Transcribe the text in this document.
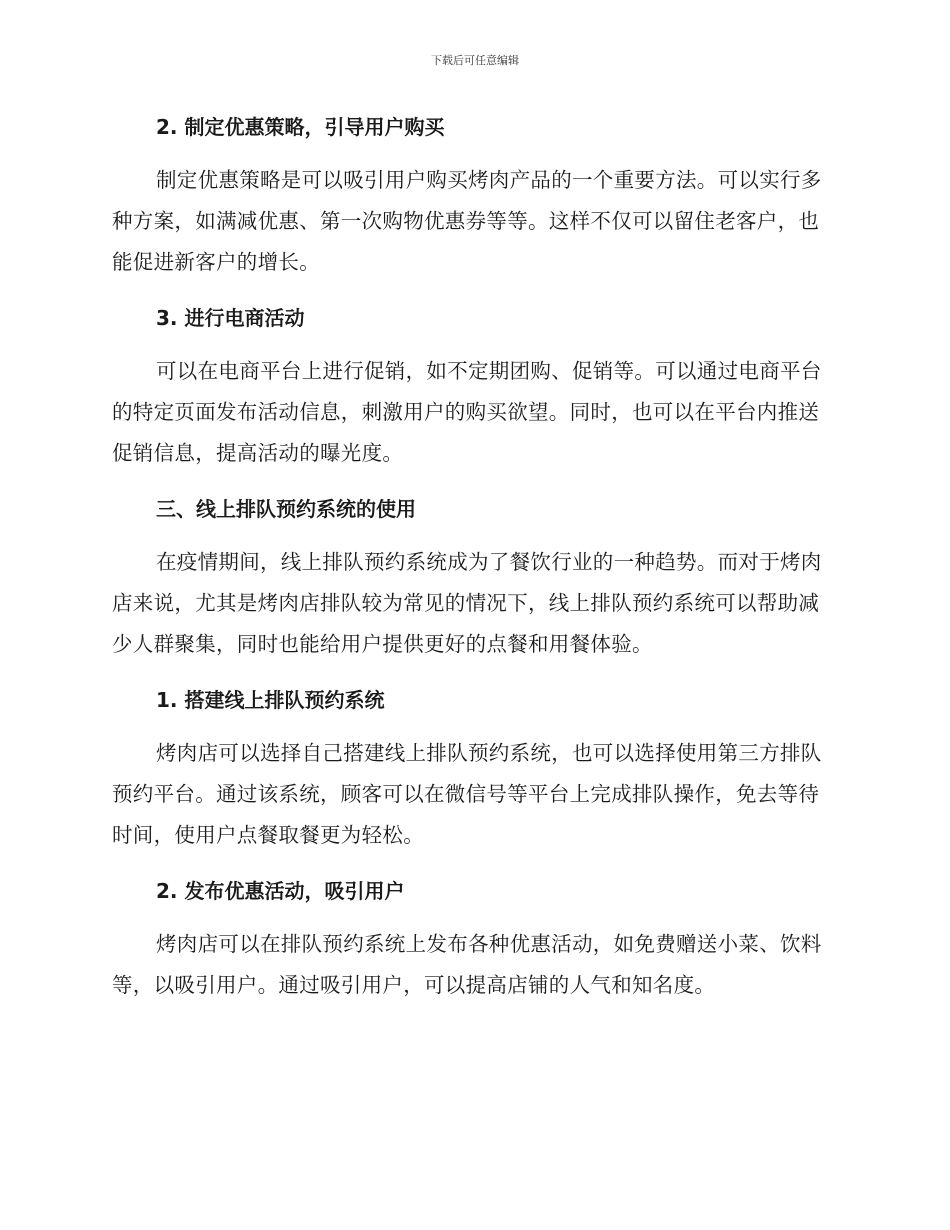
下载后可任意编辑
2. 制定优惠策略，引导用户购买

制定优惠策略是可以吸引用户购买烤肉产品的一个重要方法。可以实行多种方案，如满减优惠、第一次购物优惠券等等。这样不仅可以留住老客户，也能促进新客户的增长。

3. 进行电商活动

可以在电商平台上进行促销，如不定期团购、促销等。可以通过电商平台的特定页面发布活动信息，刺激用户的购买欲望。同时，也可以在平台内推送促销信息，提高活动的曝光度。

三、线上排队预约系统的使用

在疫情期间，线上排队预约系统成为了餐饮行业的一种趋势。而对于烤肉店来说，尤其是烤肉店排队较为常见的情况下，线上排队预约系统可以帮助减少人群聚集，同时也能给用户提供更好的点餐和用餐体验。

1. 搭建线上排队预约系统

烤肉店可以选择自己搭建线上排队预约系统，也可以选择使用第三方排队预约平台。通过该系统，顾客可以在微信号等平台上完成排队操作，免去等待时间，使用户点餐取餐更为轻松。

2. 发布优惠活动，吸引用户

烤肉店可以在排队预约系统上发布各种优惠活动，如免费赠送小菜、饮料等，以吸引用户。通过吸引用户，可以提高店铺的人气和知名度。
